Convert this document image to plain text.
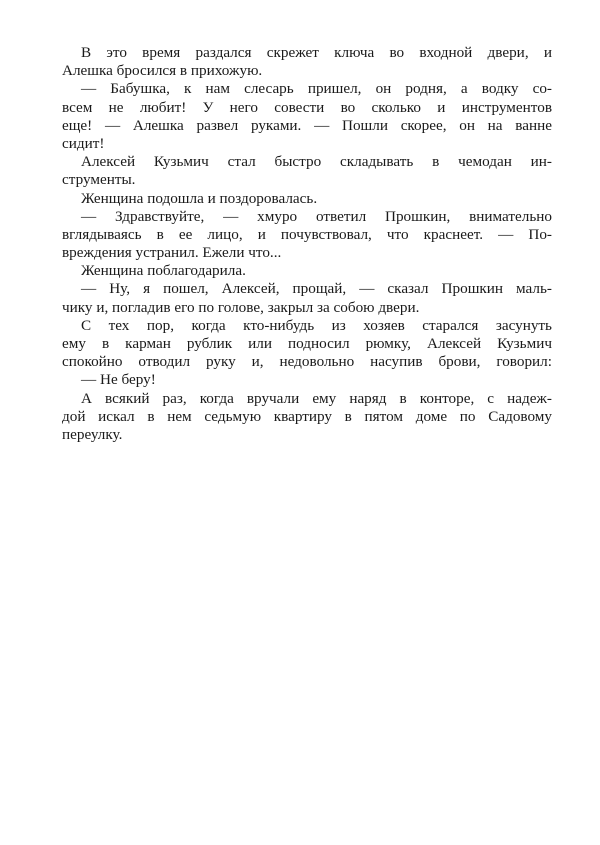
В это время раздался скрежет ключа во входной двери, и
Алешка бросился в прихожую.
— Бабушка, к нам слесарь пришел, он родня, а водку со-
всем не любит! У него совести во сколько и инструментов
еще! — Алешка развел руками. — Пошли скорее, он на ванне
сидит!
Алексей Кузьмич стал быстро складывать в чемодан ин-
струменты.
Женщина подошла и поздоровалась.
— Здравствуйте, — хмуро ответил Прошкин, внимательно
вглядываясь в ее лицо, и почувствовал, что краснеет. — По-
вреждения устранил. Ежели что...
Женщина поблагодарила.
— Ну, я пошел, Алексей, прощай, — сказал Прошкин маль-
чику и, погладив его по голове, закрыл за собою двери.
С тех пор, когда кто-нибудь из хозяев старался засунуть
ему в карман рублик или подносил рюмку, Алексей Кузьмич
спокойно отводил руку и, недовольно насупив брови, говорил:
— Не беру!
А всякий раз, когда вручали ему наряд в конторе, с надеж-
дой искал в нем седьмую квартиру в пятом доме по Садовому
переулку.
